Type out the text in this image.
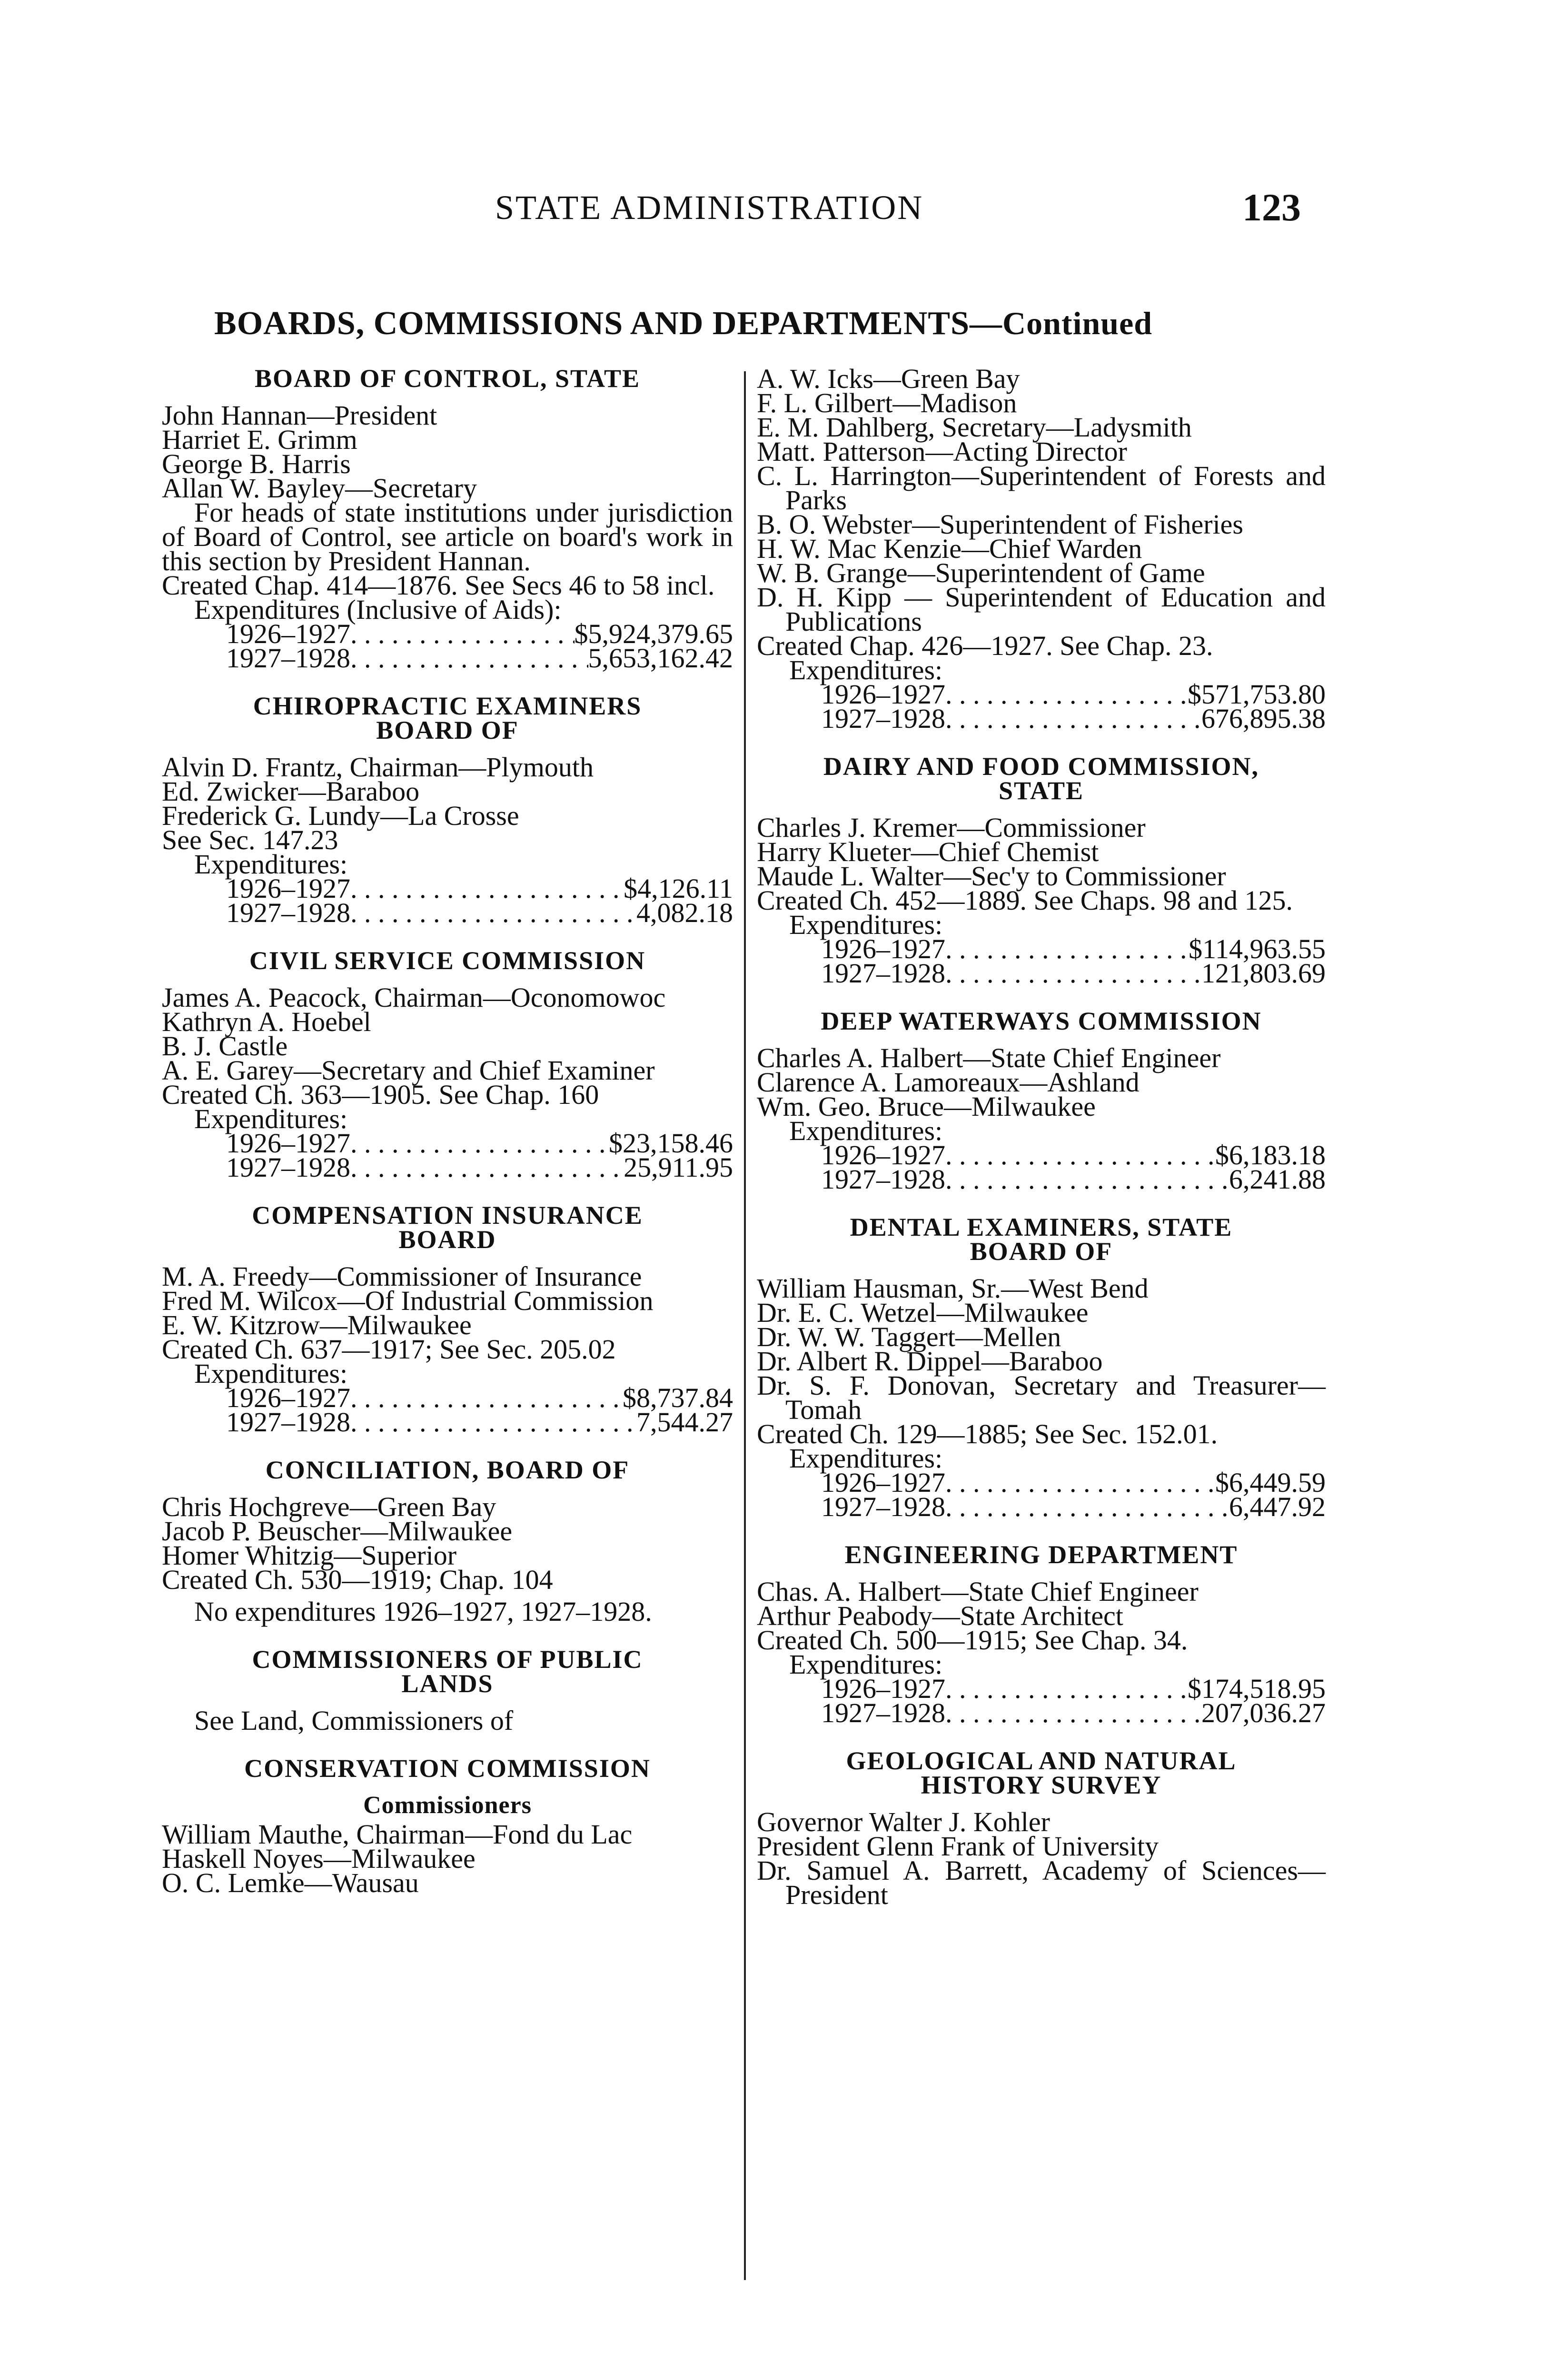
STATE ADMINISTRATION	123
BOARDS, COMMISSIONS AND DEPARTMENTS—Continued
BOARD OF CONTROL, STATE
John Hannan—President
Harriet E. Grimm
George B. Harris
Allan W. Bayley—Secretary
For heads of state institutions under jurisdiction of Board of Control, see article on board's work in this section by President Hannan.
Created Chap. 414—1876. See Secs 46 to 58 incl.
Expenditures (Inclusive of Aids):
1926–1927 . . .	$5,924,379.65
1927–1928 . . .	5,653,162.42
CHIROPRACTIC EXAMINERS
BOARD OF
Alvin D. Frantz, Chairman—Plymouth
Ed. Zwicker—Baraboo
Frederick G. Lundy—La Crosse
See Sec. 147.23
Expenditures:
1926–1927 . . .	$4,126.11
1927–1928 . . .	4,082.18
CIVIL SERVICE COMMISSION
James A. Peacock, Chairman—Oconomowoc
Kathryn A. Hoebel
B. J. Castle
A. E. Garey—Secretary and Chief Examiner
Created Ch. 363—1905. See Chap. 160
Expenditures:
1926–1927 . . .	$23,158.46
1927–1928 . . .	25,911.95
COMPENSATION INSURANCE
BOARD
M. A. Freedy—Commissioner of Insurance
Fred M. Wilcox—Of Industrial Commission
E. W. Kitzrow—Milwaukee
Created Ch. 637—1917; See Sec. 205.02
Expenditures:
1926–1927 . . .	$8,737.84
1927–1928 . . .	7,544.27
CONCILIATION, BOARD OF
Chris Hochgreve—Green Bay
Jacob P. Beuscher—Milwaukee
Homer Whitzig—Superior
Created Ch. 530—1919; Chap. 104
No expenditures 1926–1927, 1927–1928.
COMMISSIONERS OF PUBLIC
LANDS
See Land, Commissioners of
CONSERVATION COMMISSION
Commissioners
William Mauthe, Chairman—Fond du Lac
Haskell Noyes—Milwaukee
O. C. Lemke—Wausau
A. W. Icks—Green Bay
F. L. Gilbert—Madison
E. M. Dahlberg, Secretary—Ladysmith
Matt. Patterson—Acting Director
C. L. Harrington—Superintendent of Forests and Parks
B. O. Webster—Superintendent of Fisheries
H. W. Mac Kenzie—Chief Warden
W. B. Grange—Superintendent of Game
D. H. Kipp — Superintendent of Education and Publications
Created Chap. 426—1927. See Chap. 23.
Expenditures:
1926–1927 . . .	$571,753.80
1927–1928 . . .	676,895.38
DAIRY AND FOOD COMMISSION,
STATE
Charles J. Kremer—Commissioner
Harry Klueter—Chief Chemist
Maude L. Walter—Sec'y to Commissioner
Created Ch. 452—1889. See Chaps. 98 and 125.
Expenditures:
1926–1927 . . .	$114,963.55
1927–1928 . . .	121,803.69
DEEP WATERWAYS COMMISSION
Charles A. Halbert—State Chief Engineer
Clarence A. Lamoreaux—Ashland
Wm. Geo. Bruce—Milwaukee
Expenditures:
1926–1927 . . .	$6,183.18
1927–1928 . . .	6,241.88
DENTAL EXAMINERS, STATE
BOARD OF
William Hausman, Sr.—West Bend
Dr. E. C. Wetzel—Milwaukee
Dr. W. W. Taggert—Mellen
Dr. Albert R. Dippel—Baraboo
Dr. S. F. Donovan, Secretary and Treasurer—Tomah
Created Ch. 129—1885; See Sec. 152.01.
Expenditures:
1926–1927 . . .	$6,449.59
1927–1928 . . .	6,447.92
ENGINEERING DEPARTMENT
Chas. A. Halbert—State Chief Engineer
Arthur Peabody—State Architect
Created Ch. 500—1915; See Chap. 34.
Expenditures:
1926–1927 . . .	$174,518.95
1927–1928 . . .	207,036.27
GEOLOGICAL AND NATURAL
HISTORY SURVEY
Governor Walter J. Kohler
President Glenn Frank of University
Dr. Samuel A. Barrett, Academy of Sciences—President
